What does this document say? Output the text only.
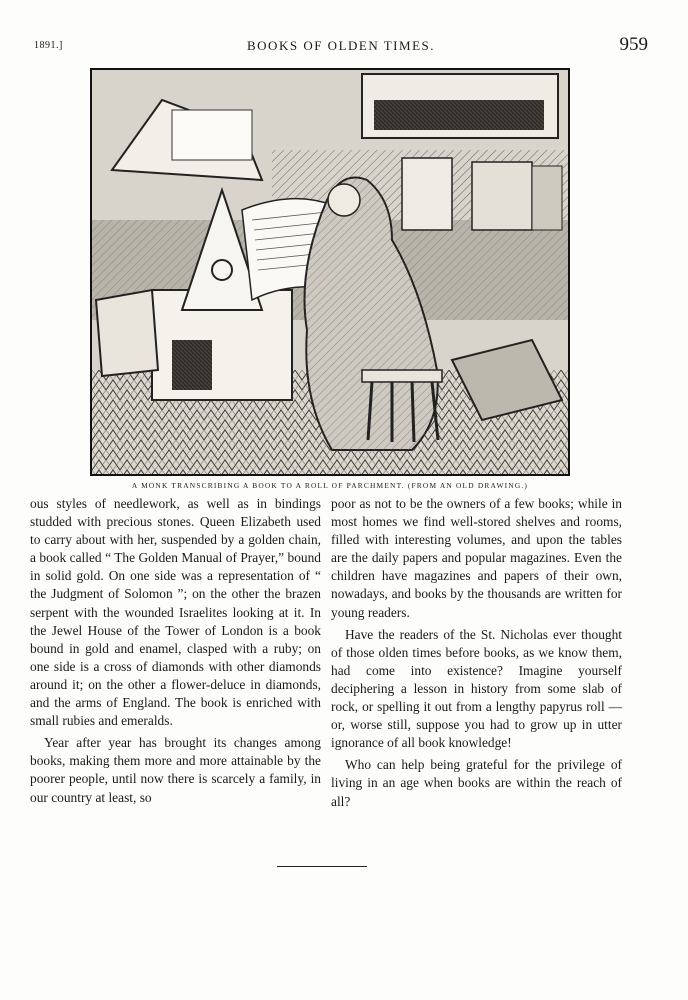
1891.]	BOOKS OF OLDEN TIMES.	959
A MONK TRANSCRIBING A BOOK TO A ROLL OF PARCHMENT. (FROM AN OLD DRAWING.)

ous styles of needlework, as well as in bindings studded with precious stones. Queen Elizabeth used to carry about with her, suspended by a golden chain, a book called “ The Golden Manual of Prayer,” bound in solid gold. On one side was a representation of “ the Judgment of Solomon ”; on the other the brazen serpent with the wounded Israelites looking at it. In the Jewel House of the Tower of London is a book bound in gold and enamel, clasped with a ruby; on one side is a cross of diamonds with other diamonds around it; on the other a flower-deluce in diamonds, and the arms of England. The book is enriched with small rubies and emeralds.

Year after year has brought its changes among books, making them more and more attainable by the poorer people, until now there is scarcely a family, in our country at least, so

poor as not to be the owners of a few books; while in most homes we find well-stored shelves and rooms, filled with interesting volumes, and upon the tables are the daily papers and popular magazines. Even the children have magazines and papers of their own, nowadays, and books by the thousands are written for young readers.

Have the readers of the St. Nicholas ever thought of those olden times before books, as we know them, had come into existence? Imagine yourself deciphering a lesson in history from some slab of rock, or spelling it out from a lengthy papyrus roll — or, worse still, suppose you had to grow up in utter ignorance of all book knowledge!

Who can help being grateful for the privilege of living in an age when books are within the reach of all?
